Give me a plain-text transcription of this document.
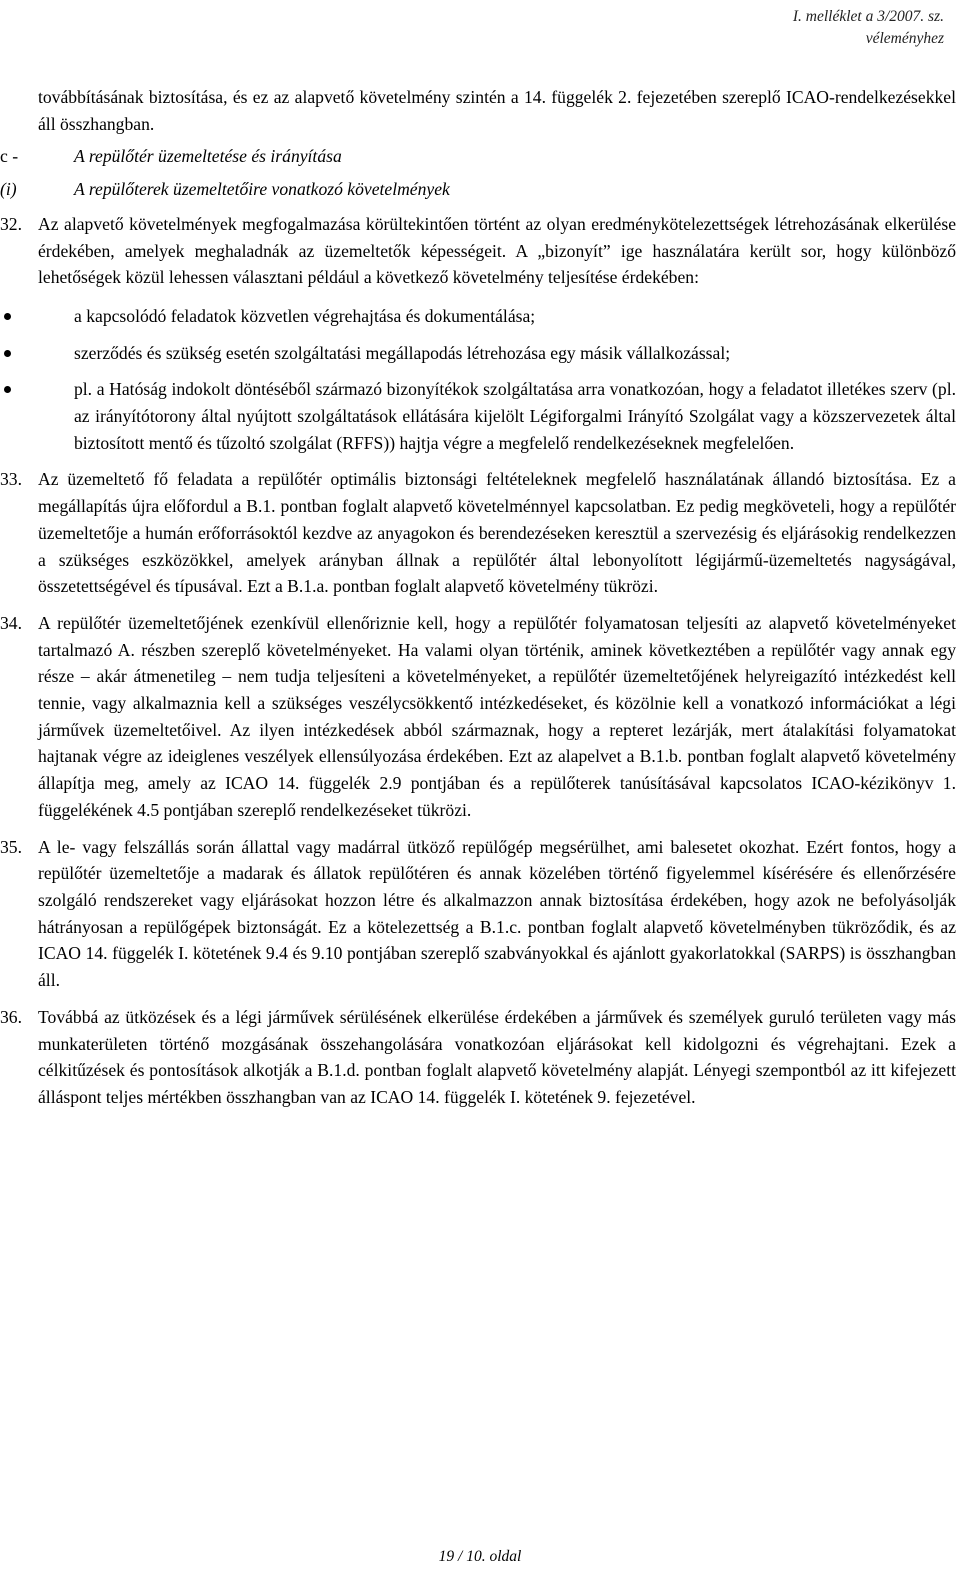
I. melléklet a 3/2007. sz.
véleményhez

továbbításának biztosítása, és ez az alapvető követelmény szintén a 14. függelék 2. fejezetében szereplő ICAO-rendelkezésekkel áll összhangban.

c -	A repülőtér üzemeltetése és irányítása

(i)	A repülőterek üzemeltetőire vonatkozó követelmények

32. Az alapvető követelmények megfogalmazása körültekintően történt az olyan eredménykötelezettségek létrehozásának elkerülése érdekében, amelyek meghaladnák az üzemeltetők képességeit. A „bizonyít” ige használatára került sor, hogy különböző lehetőségek közül lehessen választani például a következő követelmény teljesítése érdekében:

a kapcsolódó feladatok közvetlen végrehajtása és dokumentálása;
szerződés és szükség esetén szolgáltatási megállapodás létrehozása egy másik vállalkozással;
pl. a Hatóság indokolt döntéséből származó bizonyítékok szolgáltatása arra vonatkozóan, hogy a feladatot illetékes szerv (pl. az irányítótorony által nyújtott szolgáltatások ellátására kijelölt Légiforgalmi Irányító Szolgálat vagy a közszervezetek által biztosított mentő és tűzoltó szolgálat (RFFS)) hajtja végre a megfelelő rendelkezéseknek megfelelően.
33. Az üzemeltető fő feladata a repülőtér optimális biztonsági feltételeknek megfelelő használatának állandó biztosítása. Ez a megállapítás újra előfordul a B.1. pontban foglalt alapvető követelménnyel kapcsolatban. Ez pedig megköveteli, hogy a repülőtér üzemeltetője a humán erőforrásoktól kezdve az anyagokon és berendezéseken keresztül a szervezésig és eljárásokig rendelkezzen a szükséges eszközökkel, amelyek arányban állnak a repülőtér által lebonyolított légijármű-üzemeltetés nagyságával, összetettségével és típusával. Ezt a B.1.a. pontban foglalt alapvető követelmény tükrözi.

34. A repülőtér üzemeltetőjének ezenkívül ellenőriznie kell, hogy a repülőtér folyamatosan teljesíti az alapvető követelményeket tartalmazó A. részben szereplő követelményeket. Ha valami olyan történik, aminek következtében a repülőtér vagy annak egy része – akár átmenetileg – nem tudja teljesíteni a követelményeket, a repülőtér üzemeltetőjének helyreigazító intézkedést kell tennie, vagy alkalmaznia kell a szükséges veszélycsökkentő intézkedéseket, és közölnie kell a vonatkozó információkat a légi járművek üzemeltetőivel. Az ilyen intézkedések abból származnak, hogy a repteret lezárják, mert átalakítási folyamatokat hajtanak végre az ideiglenes veszélyek ellensúlyozása érdekében. Ezt az alapelvet a B.1.b. pontban foglalt alapvető követelmény állapítja meg, amely az ICAO 14. függelék 2.9 pontjában és a repülőterek tanúsításával kapcsolatos ICAO-kézikönyv 1. függelékének 4.5 pontjában szereplő rendelkezéseket tükrözi.

35. A le- vagy felszállás során állattal vagy madárral ütköző repülőgép megsérülhet, ami balesetet okozhat. Ezért fontos, hogy a repülőtér üzemeltetője a madarak és állatok repülőtéren és annak közelében történő figyelemmel kísérésére és ellenőrzésére szolgáló rendszereket vagy eljárásokat hozzon létre és alkalmazzon annak biztosítása érdekében, hogy azok ne befolyásolják hátrányosan a repülőgépek biztonságát. Ez a kötelezettség a B.1.c. pontban foglalt alapvető követelményben tükröződik, és az ICAO 14. függelék I. kötetének 9.4 és 9.10 pontjában szereplő szabványokkal és ajánlott gyakorlatokkal (SARPS) is összhangban áll.

36. Továbbá az ütközések és a légi járművek sérülésének elkerülése érdekében a járművek és személyek guruló területen vagy más munkaterületen történő mozgásának összehangolására vonatkozóan eljárásokat kell kidolgozni és végrehajtani. Ezek a célkitűzések és pontosítások alkotják a B.1.d. pontban foglalt alapvető követelmény alapját. Lényegi szempontból az itt kifejezett álláspont teljes mértékben összhangban van az ICAO 14. függelék I. kötetének 9. fejezetével.

19 / 10. oldal
